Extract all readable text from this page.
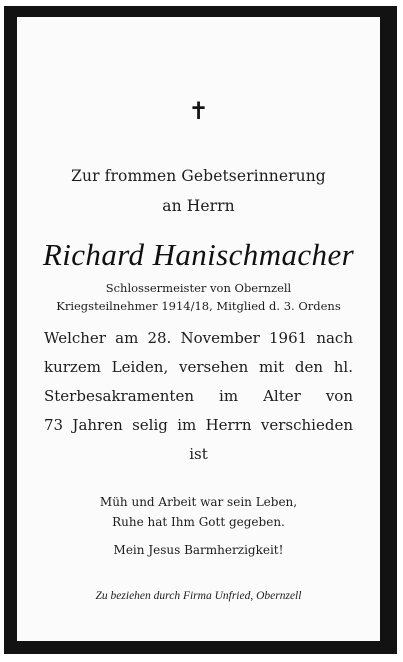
✝
Zur frommen Gebetserinnerung
an Herrn
Richard Hanischmacher
Schlossermeister von Obernzell
Kriegsteilnehmer 1914/18, Mitglied d. 3. Ordens
Welcher am 28. November 1961 nach
kurzem Leiden, versehen mit den hl.
Sterbesakramenten im Alter von
73 Jahren selig im Herrn verschieden
ist
Müh und Arbeit war sein Leben,
Ruhe hat Ihm Gott gegeben.
Mein Jesus Barmherzigkeit!
Zu beziehen durch Firma Unfried, Obernzell
